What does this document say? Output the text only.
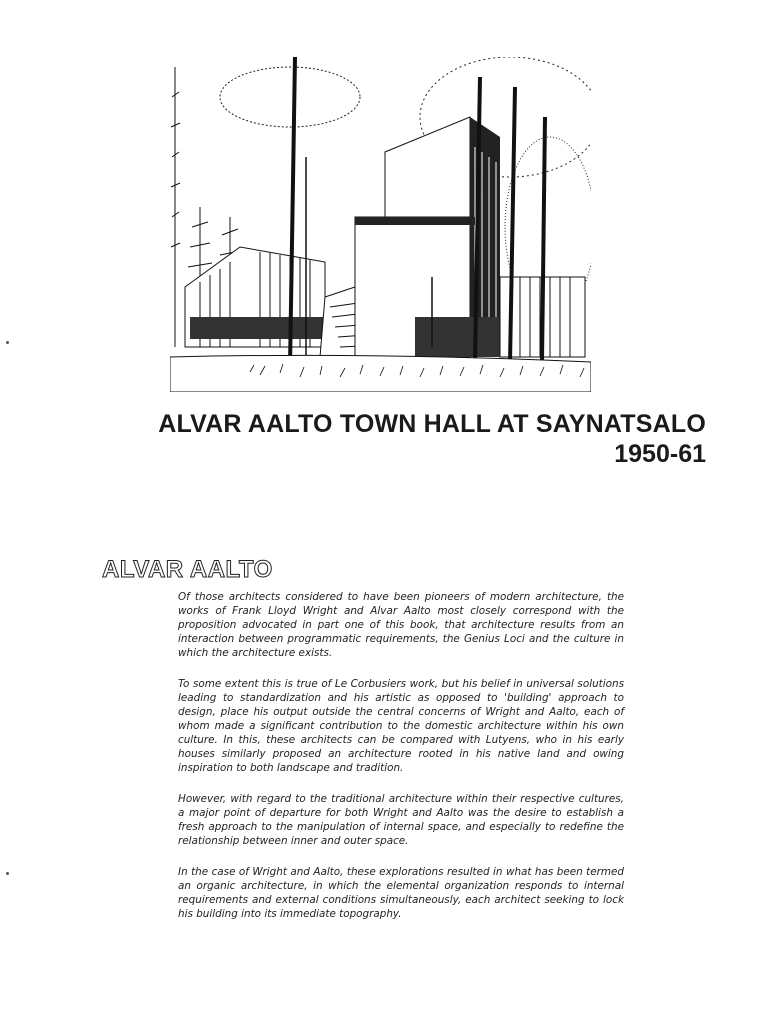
ALVAR AALTO TOWN HALL AT SAYNATSALO
1950-61
ALVAR AALTO

Of those architects considered to have been pioneers of modern architecture, the works of Frank Lloyd Wright and Alvar Aalto most closely correspond with the proposition advocated in part one of this book, that architecture results from an interaction between programmatic requirements, the Genius Loci and the culture in which the architecture exists.

To some extent this is true of Le Corbusiers work, but his belief in universal solutions leading to standardization and his artistic as opposed to 'building' approach to design, place his output outside the central concerns of Wright and Aalto, each of whom made a significant contribution to the domestic architecture within his own culture. In this, these architects can be compared with Lutyens, who in his early houses similarly proposed an architecture rooted in his native land and owing inspiration to both landscape and tradition.

However, with regard to the traditional architecture within their respective cultures, a major point of departure for both Wright and Aalto was the desire to establish a fresh approach to the manipulation of internal space, and especially to redefine the relationship between inner and outer space.

In the case of Wright and Aalto, these explorations resulted in what has been termed an organic architecture, in which the elemental organization responds to internal requirements and external conditions simultaneously, each architect seeking to lock his building into its immediate topography.
